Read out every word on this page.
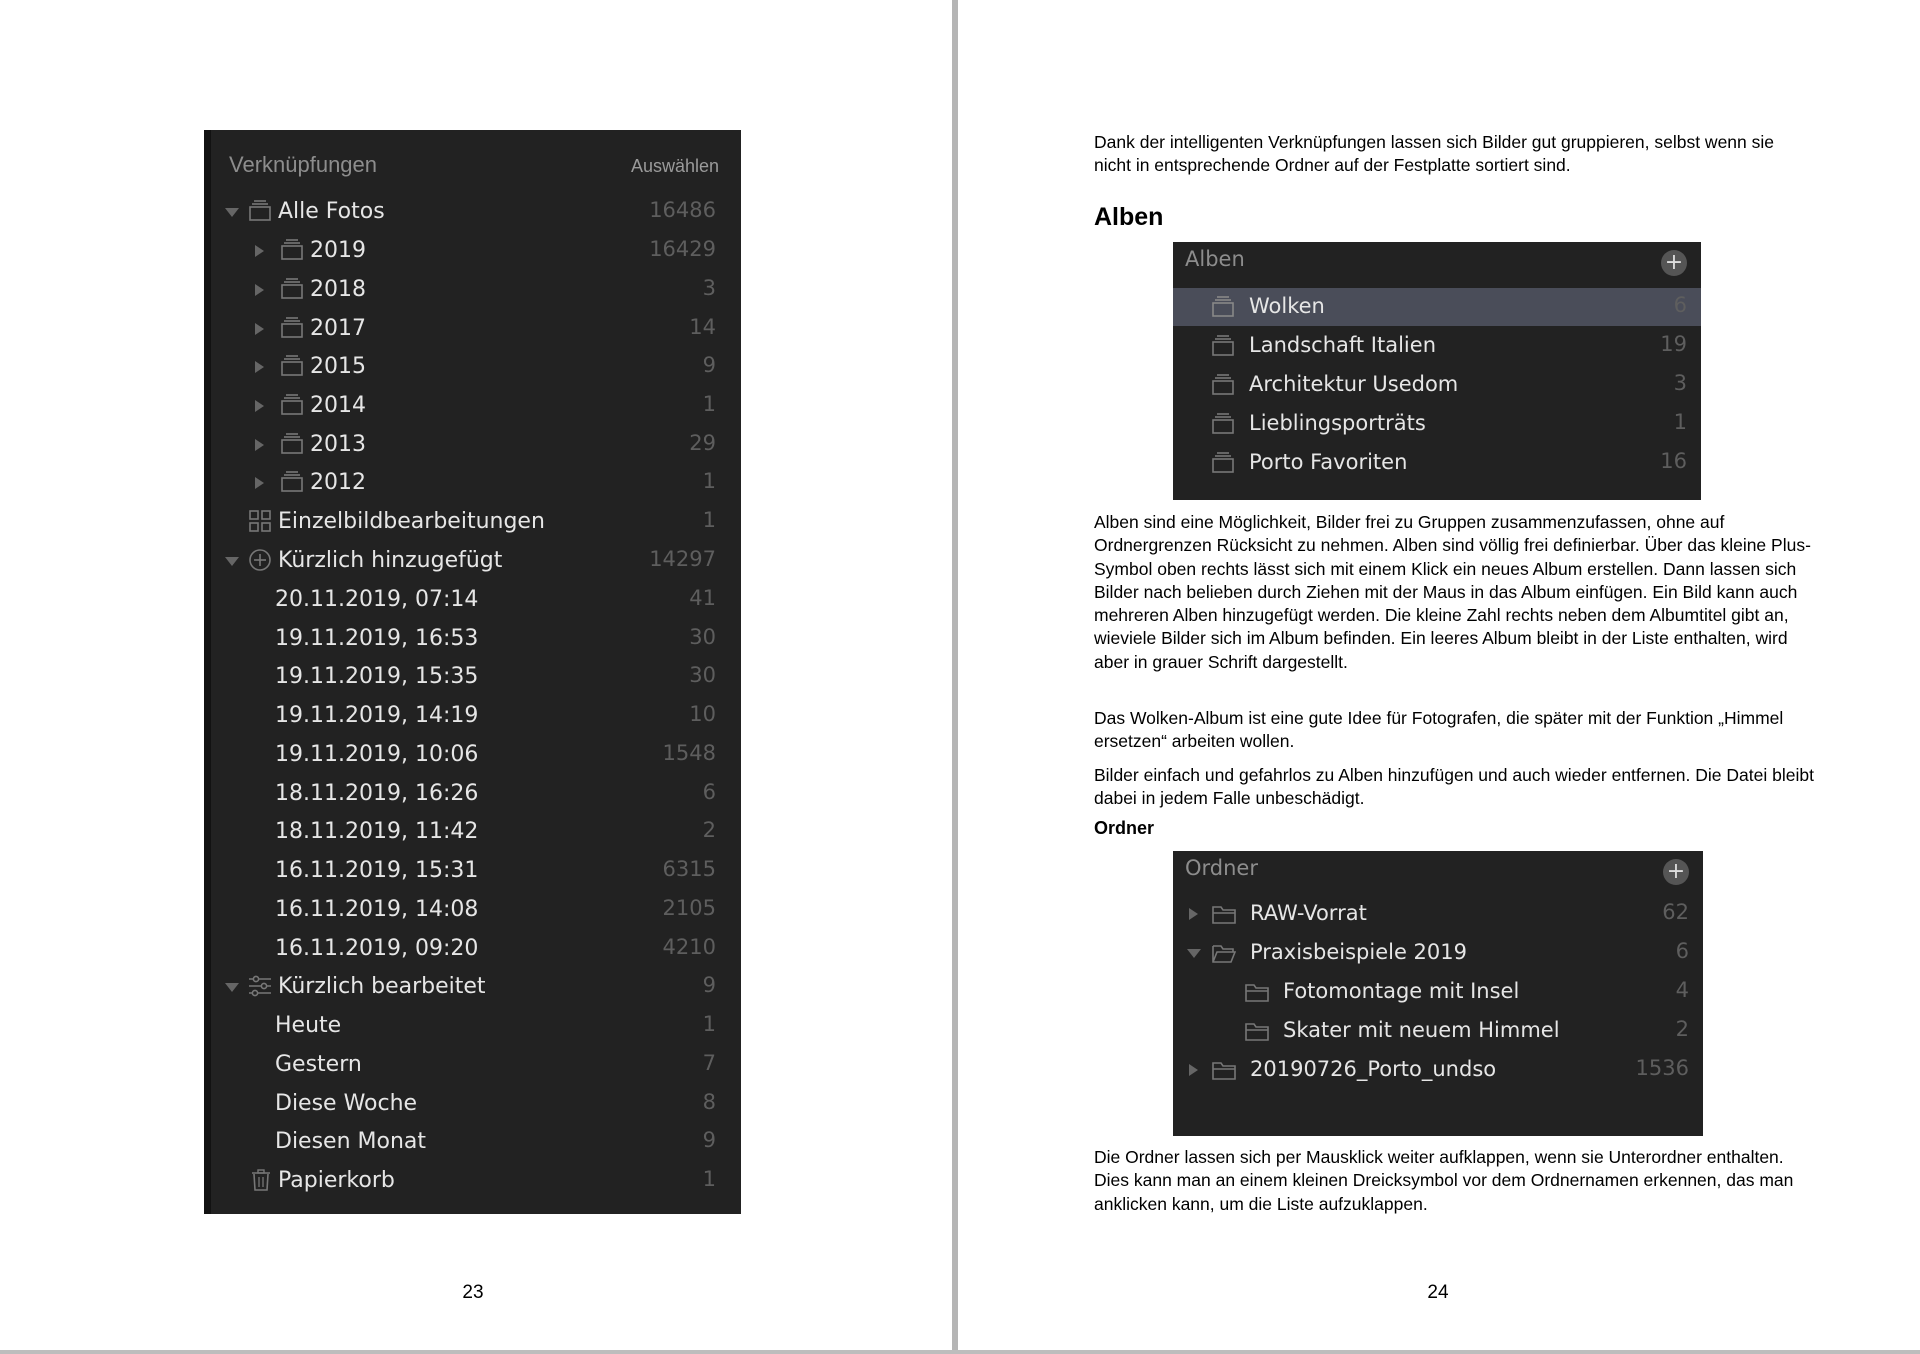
Verknüpfungen	Auswählen
Alle Fotos	16486
2019	16429
2018	3
2017	14
2015	9
2014	1
2013	29
2012	1
Einzelbildbearbeitungen	1
Kürzlich hinzugefügt	14297
20.11.2019, 07:14	41
19.11.2019, 16:53	30
19.11.2019, 15:35	30
19.11.2019, 14:19	10
19.11.2019, 10:06	1548
18.11.2019, 16:26	6
18.11.2019, 11:42	2
16.11.2019, 15:31	6315
16.11.2019, 14:08	2105
16.11.2019, 09:20	4210
Kürzlich bearbeitet	9
Heute	1
Gestern	7
Diese Woche	8
Diesen Monat	9
Papierkorb	1
23
Dank der intelligenten Verknüpfungen lassen sich Bilder gut gruppieren, selbst wenn sie nicht in entsprechende Ordner auf der Festplatte sortiert sind.
Alben
Alben	+
Wolken	6
Landschaft Italien	19
Architektur Usedom	3
Lieblingsporträts	1
Porto Favoriten	16
Alben sind eine Möglichkeit, Bilder frei zu Gruppen zusammenzufassen, ohne auf Ordnergrenzen Rücksicht zu nehmen. Alben sind völlig frei definierbar. Über das kleine Plus-Symbol oben rechts lässt sich mit einem Klick ein neues Album erstellen. Dann lassen sich Bilder nach belieben durch Ziehen mit der Maus in das Album einfügen. Ein Bild kann auch mehreren Alben hinzugefügt werden. Die kleine Zahl rechts neben dem Albumtitel gibt an, wieviele Bilder sich im Album befinden. Ein leeres Album bleibt in der Liste enthalten, wird aber in grauer Schrift dargestellt.
Das Wolken-Album ist eine gute Idee für Fotografen, die später mit der Funktion „Himmel ersetzen“ arbeiten wollen.
Bilder einfach und gefahrlos zu Alben hinzufügen und auch wieder entfernen. Die Datei bleibt dabei in jedem Falle unbeschädigt.
Ordner
Ordner	+
RAW-Vorrat	62
Praxisbeispiele 2019	6
Fotomontage mit Insel	4
Skater mit neuem Himmel	2
20190726_Porto_undso	1536
Die Ordner lassen sich per Mausklick weiter aufklappen, wenn sie Unterordner enthalten. Dies kann man an einem kleinen Dreicksymbol vor dem Ordnernamen erkennen, das man anklicken kann, um die Liste aufzuklappen.
24
